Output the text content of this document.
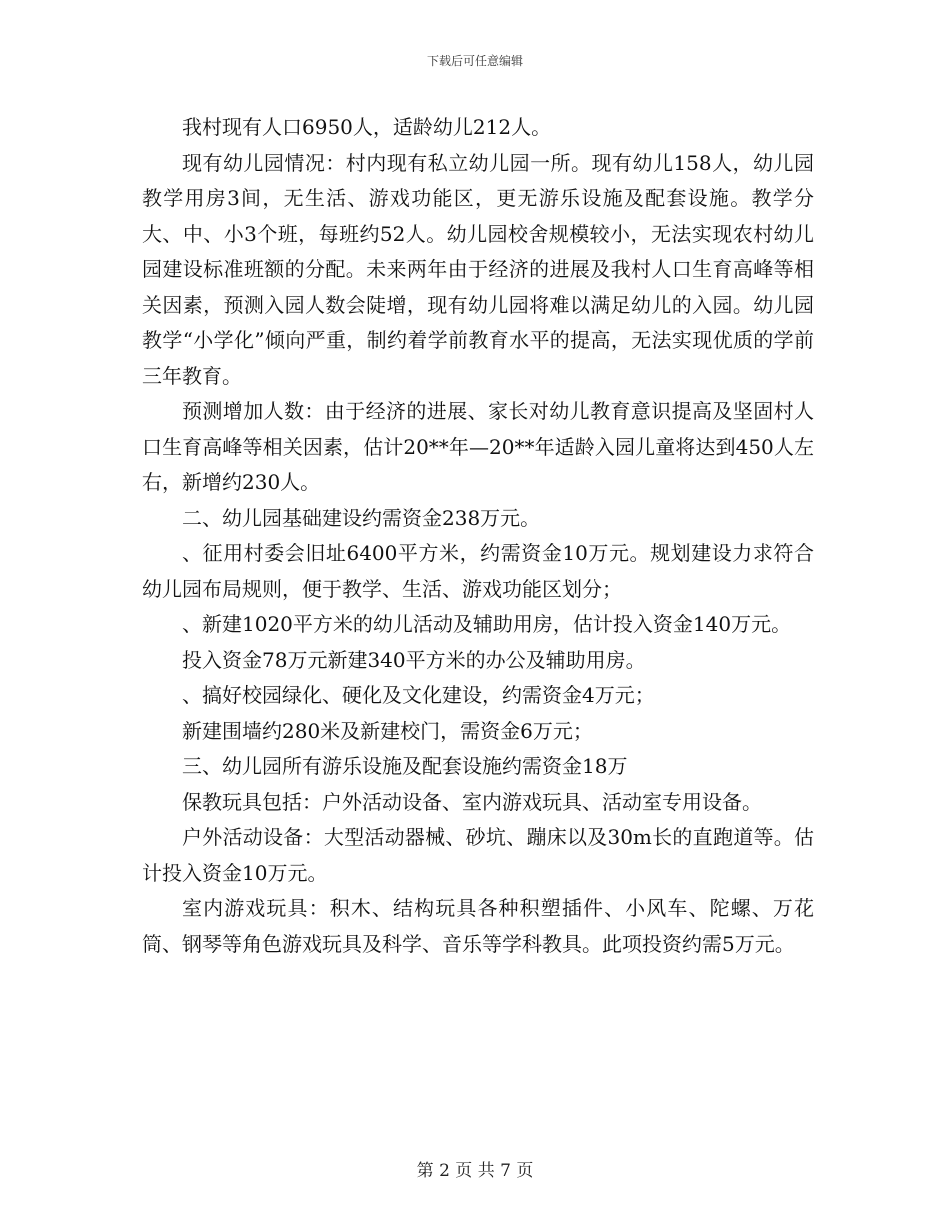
下载后可任意编辑

我村现有人口6950人，适龄幼儿212人。

现有幼儿园情况：村内现有私立幼儿园一所。现有幼儿158人，幼儿园教学用房3间，无生活、游戏功能区，更无游乐设施及配套设施。教学分大、中、小3个班，每班约52人。幼儿园校舍规模较小，无法实现农村幼儿园建设标准班额的分配。未来两年由于经济的进展及我村人口生育高峰等相关因素，预测入园人数会陡增，现有幼儿园将难以满足幼儿的入园。幼儿园教学“小学化”倾向严重，制约着学前教育水平的提高，无法实现优质的学前三年教育。

预测增加人数：由于经济的进展、家长对幼儿教育意识提高及坚固村人口生育高峰等相关因素，估计20**年—20**年适龄入园儿童将达到450人左右，新增约230人。

二、幼儿园基础建设约需资金238万元。

、征用村委会旧址6400平方米，约需资金10万元。规划建设力求符合幼儿园布局规则，便于教学、生活、游戏功能区划分；

、新建1020平方米的幼儿活动及辅助用房，估计投入资金140万元。

投入资金78万元新建340平方米的办公及辅助用房。

、搞好校园绿化、硬化及文化建设，约需资金4万元；

新建围墙约280米及新建校门，需资金6万元；

三、幼儿园所有游乐设施及配套设施约需资金18万

保教玩具包括：户外活动设备、室内游戏玩具、活动室专用设备。

户外活动设备：大型活动器械、砂坑、蹦床以及30m长的直跑道等。估计投入资金10万元。

室内游戏玩具：积木、结构玩具各种积塑插件、小风车、陀螺、万花筒、钢琴等角色游戏玩具及科学、音乐等学科教具。此项投资约需5万元。

第 2 页 共 7 页
